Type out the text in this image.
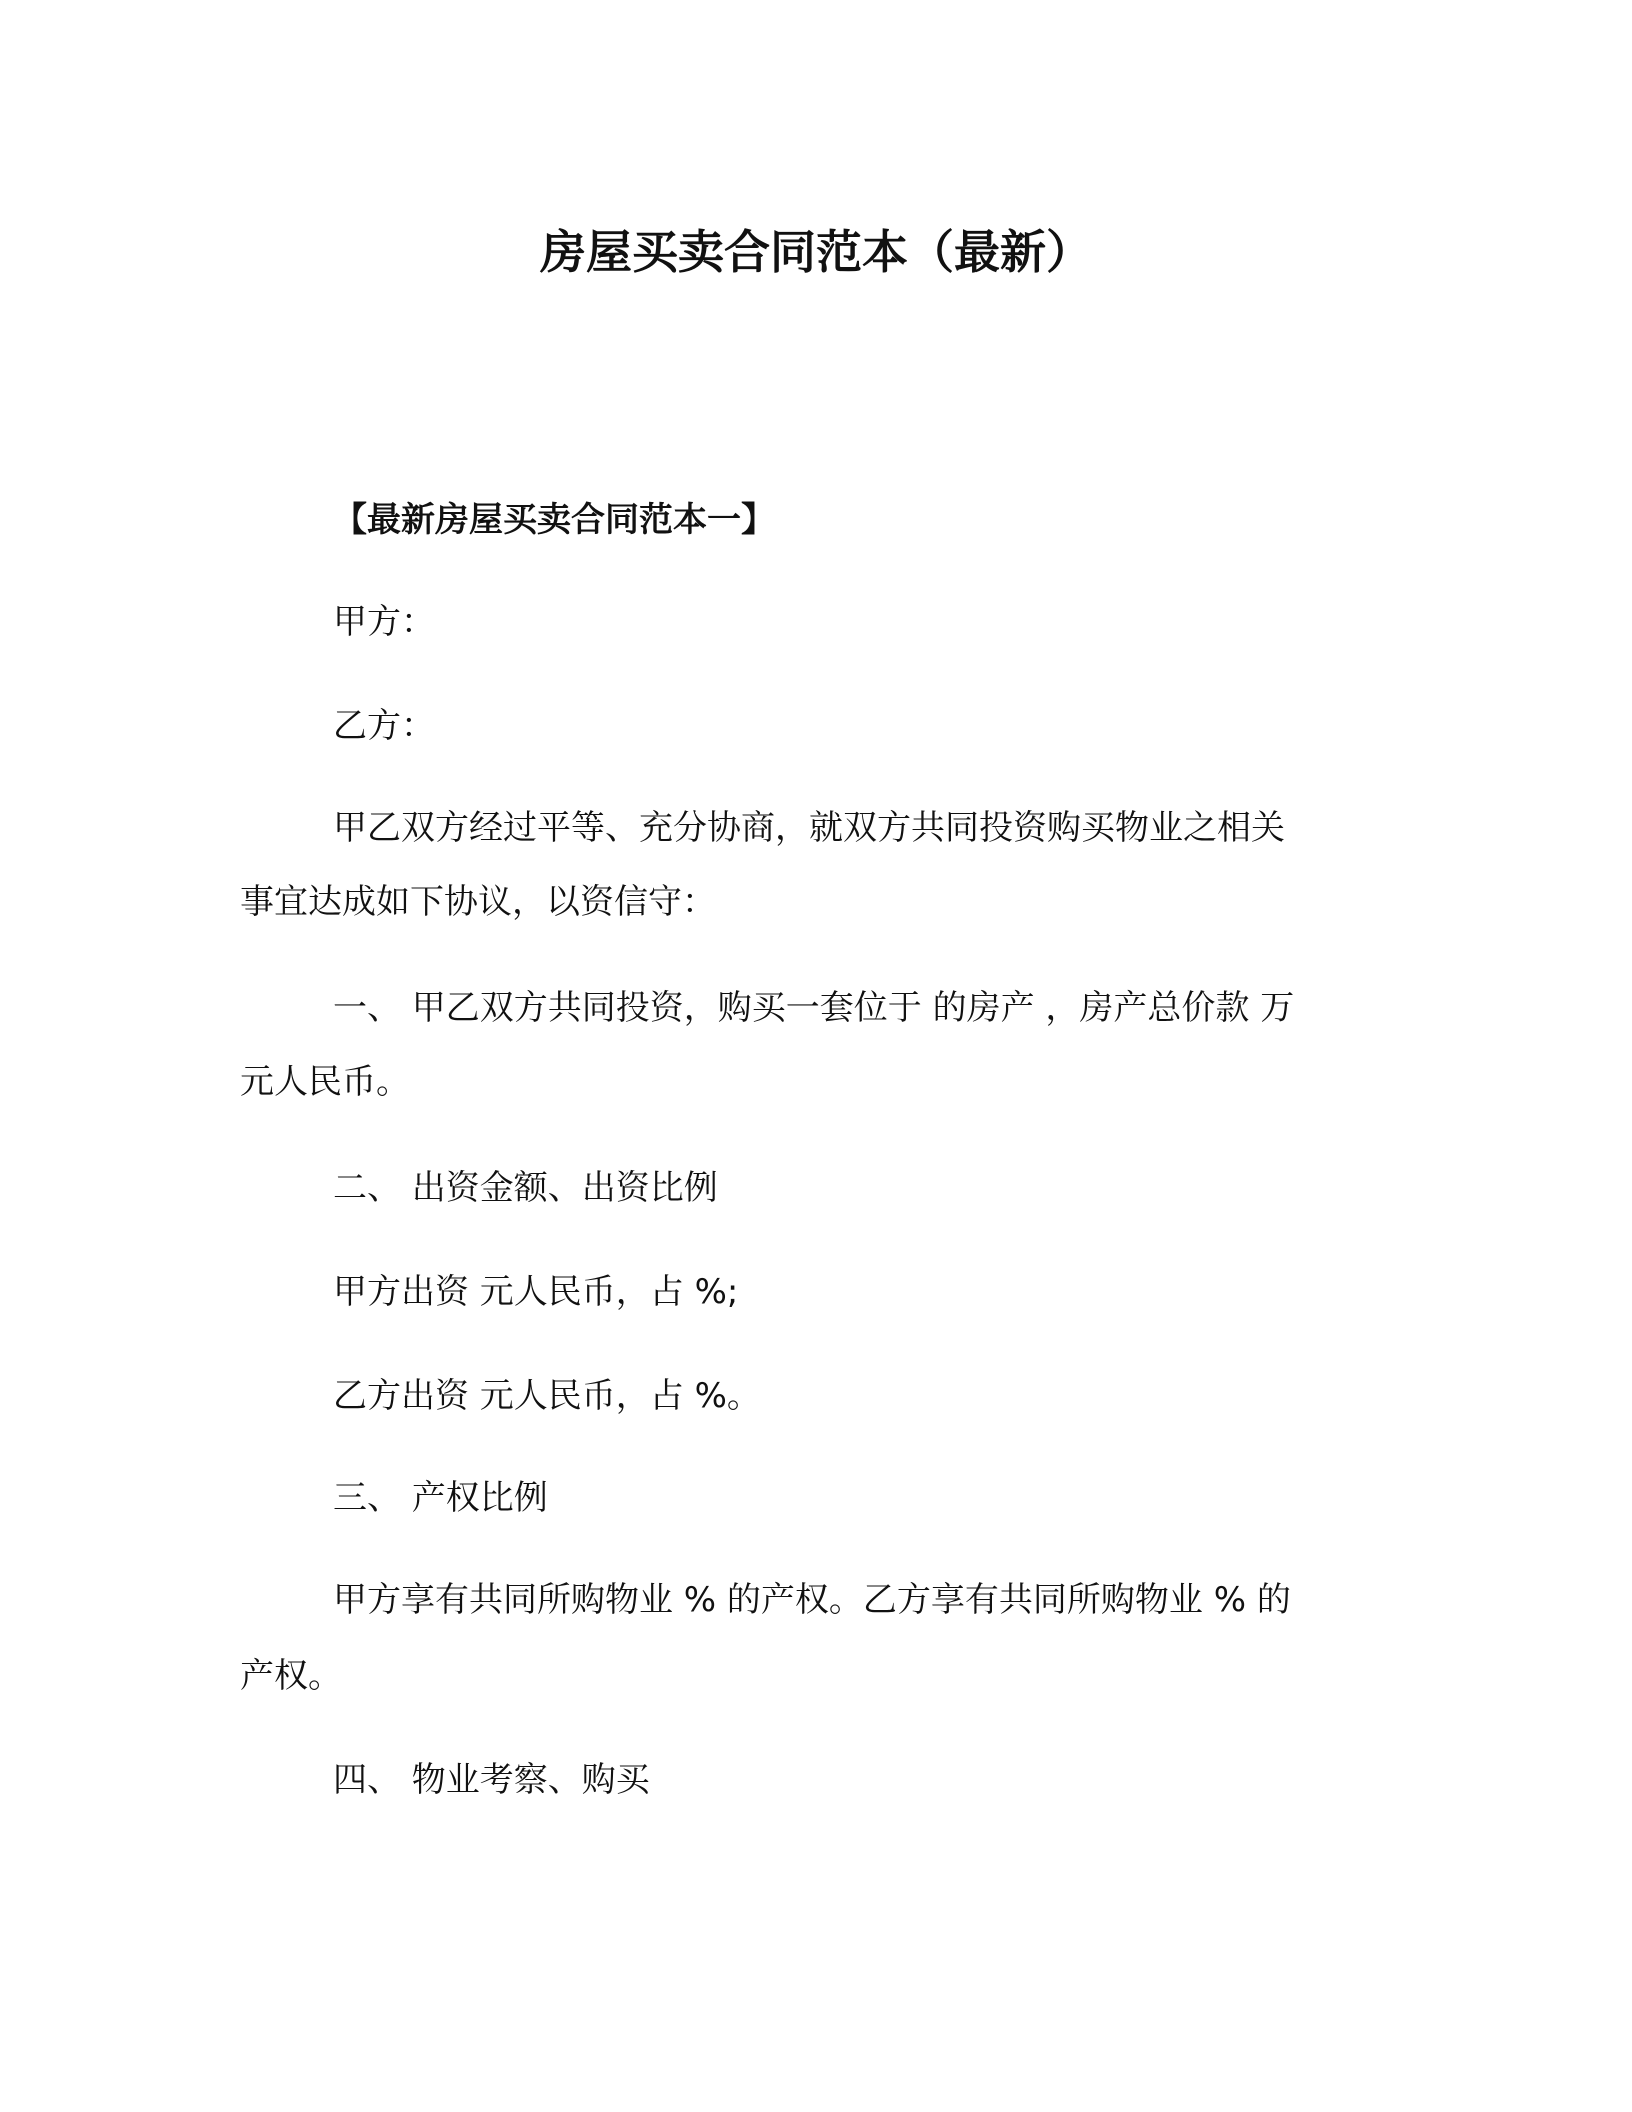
房屋买卖合同范本（最新）

【最新房屋买卖合同范本一】

甲方：

乙方：

甲乙双方经过平等、充分协商，就双方共同投资购买物业之相关

事宜达成如下协议，以资信守：

一、 甲乙双方共同投资，购买一套位于 的房产 ，房产总价款 万

元人民币。

二、 出资金额、出资比例

甲方出资 元人民币，占 %;

乙方出资 元人民币，占 %。

三、 产权比例

甲方享有共同所购物业 % 的产权。乙方享有共同所购物业 % 的

产权。

四、 物业考察、购买
